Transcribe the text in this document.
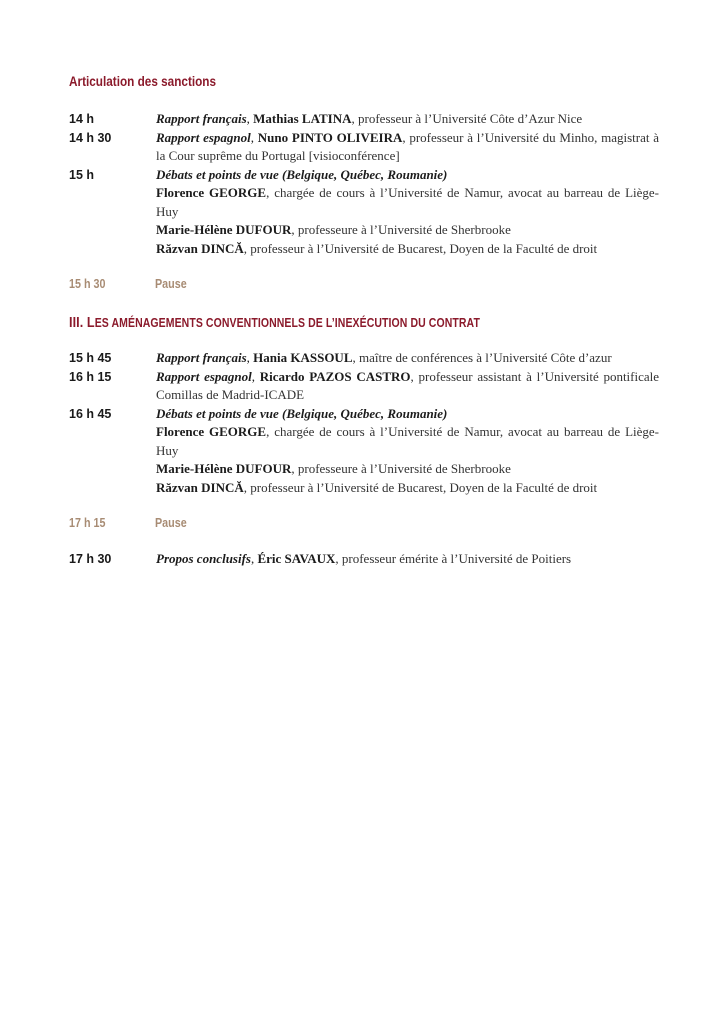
Articulation des sanctions
14 h	Rapport français, Mathias LATINA, professeur à l’Université Côte d’Azur Nice
14 h 30	Rapport espagnol, Nuno PINTO OLIVEIRA, professeur à l’Université du Minho, magistrat à la Cour suprême du Portugal [visioconférence]
15 h	Débats et points de vue (Belgique, Québec, Roumanie)
Florence GEORGE, chargée de cours à l’Université de Namur, avocat au barreau de Liège-Huy
Marie-Hélène DUFOUR, professeure à l’Université de Sherbrooke
Răzvan DINCĂ, professeur à l’Université de Bucarest, Doyen de la Faculté de droit
15 h 30	Pause
III. LES AMÉNAGEMENTS CONVENTIONNELS DE L’INEXÉCUTION DU CONTRAT
15 h 45	Rapport français, Hania KASSOUL, maître de conférences à l’Université Côte d’azur
16 h 15	Rapport espagnol, Ricardo PAZOS CASTRO, professeur assistant à l’Université pontificale Comillas de Madrid-ICADE
16 h 45	Débats et points de vue (Belgique, Québec, Roumanie)
Florence GEORGE, chargée de cours à l’Université de Namur, avocat au barreau de Liège-Huy
Marie-Hélène DUFOUR, professeure à l’Université de Sherbrooke
Răzvan DINCĂ, professeur à l’Université de Bucarest, Doyen de la Faculté de droit
17 h 15	Pause
17 h 30	Propos conclusifs, Éric SAVAUX, professeur émérite à l’Université de Poitiers
